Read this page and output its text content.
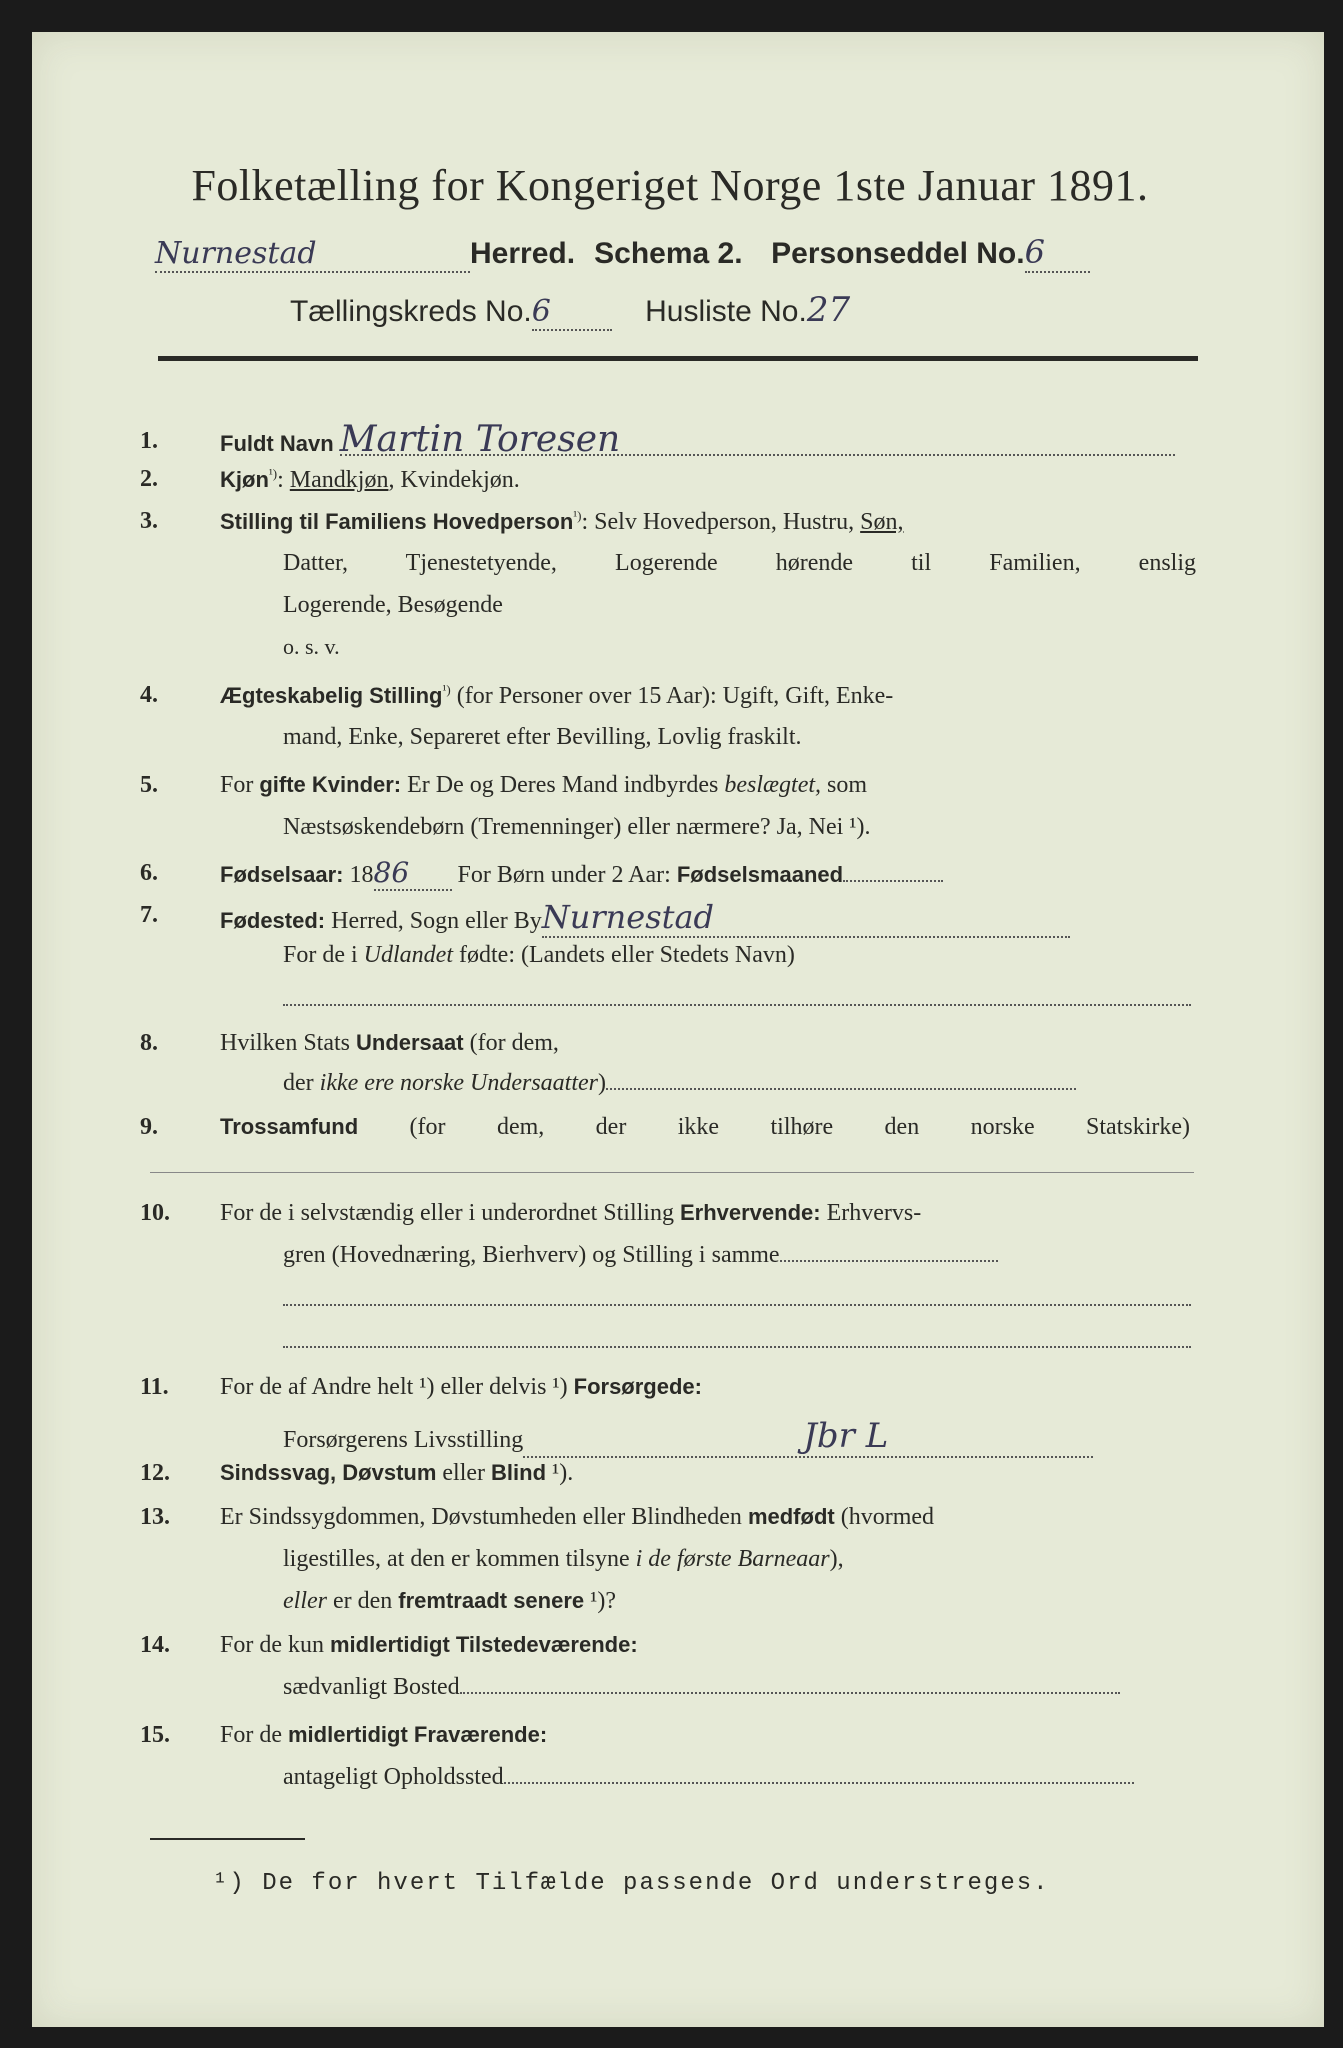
Folketælling for Kongeriget Norge 1ste Januar 1891.
Nurnestad	Herred. Schema 2. Personseddel No.6
Tællingskreds No.6	Husliste No.27
1.	Fuldt Navn Martin Toresen
2.	Kjøn$^{^1)}$: Mandkjøn, Kvindekjøn.
3.	Stilling til Familiens Hovedperson$^{^1)}$: Selv Hovedperson, Hustru, Søn,
Datter, Tjenestetyende, Logerende hørende til Familien, enslig
Logerende, Besøgende
o. s. v.
4.	Ægteskabelig Stilling$^{^1)}$ (for Personer over 15 Aar): Ugift, Gift, Enke-
mand, Enke, Separeret efter Bevilling, Lovlig fraskilt.
5.	For gifte Kvinder: Er De og Deres Mand indbyrdes beslægtet, som
Næstsøskendebørn (Tremenninger) eller nærmere? Ja, Nei ¹).
6.	Fødselsaar: 1886 For Børn under 2 Aar: Fødselsmaaned
7.	Fødested: Herred, Sogn eller ByNurnestad
For de i Udlandet fødte: (Landets eller Stedets Navn)
8.	Hvilken Stats Undersaat (for dem,
der ikke ere norske Undersaatter)
9.	Trossamfund (for dem, der ikke tilhøre den norske Statskirke)
10. For de i selvstændig eller i underordnet Stilling Erhvervende: Erhvervs-
gren (Hovednæring, Bierhverv) og Stilling i samme
11. For de af Andre helt ¹) eller delvis ¹) Forsørgede:
Forsørgerens Livsstilling	Jbr L
12. Sindssvag, Døvstum eller Blind ¹).
13. Er Sindssygdommen, Døvstumheden eller Blindheden medfødt (hvormed
ligestilles, at den er kommen tilsyne i de første Barneaar),
eller er den fremtraadt senere ¹)?
14. For de kun midlertidigt Tilstedeværende:
sædvanligt Bosted
15. For de midlertidigt Fraværende:
antageligt Opholdssted
¹) De for hvert Tilfælde passende Ord understreges.
